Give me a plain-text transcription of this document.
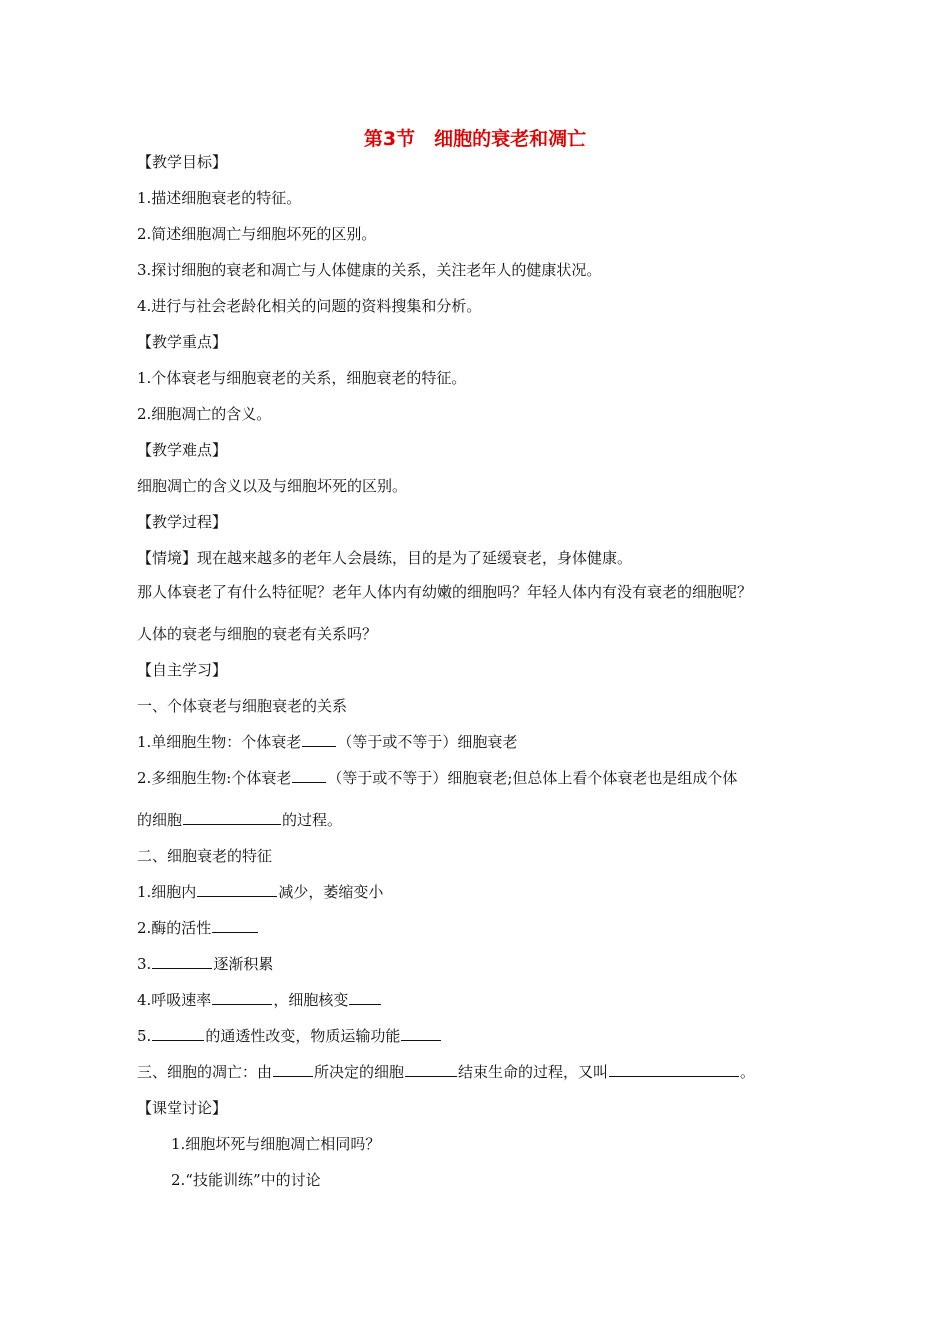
第3节　细胞的衰老和凋亡
【教学目标】
1.描述细胞衰老的特征。
2.简述细胞凋亡与细胞坏死的区别。
3.探讨细胞的衰老和凋亡与人体健康的关系，关注老年人的健康状况。
4.进行与社会老龄化相关的问题的资料搜集和分析。
【教学重点】
1.个体衰老与细胞衰老的关系，细胞衰老的特征。
2.细胞凋亡的含义。
【教学难点】
细胞凋亡的含义以及与细胞坏死的区别。
【教学过程】
【情境】现在越来越多的老年人会晨练，目的是为了延缓衰老，身体健康。
那人体衰老了有什么特征呢？老年人体内有幼嫩的细胞吗？年轻人体内有没有衰老的细胞呢？
人体的衰老与细胞的衰老有关系吗？
【自主学习】
一、个体衰老与细胞衰老的关系
1.单细胞生物：个体衰老 （等于或不等于）细胞衰老
2.多细胞生物:个体衰老 （等于或不等于）细胞衰老;但总体上看个体衰老也是组成个体
的细胞	的过程。
二、细胞衰老的特征
1.细胞内	减少，萎缩变小
2.酶的活性
3.	逐渐积累
4.呼吸速率	，细胞核变
5.	的通透性改变，物质运输功能
三、细胞的凋亡：由	所决定的细胞	结束生命的过程，又叫	。
【课堂讨论】
1.细胞坏死与细胞凋亡相同吗？
2.“技能训练”中的讨论
